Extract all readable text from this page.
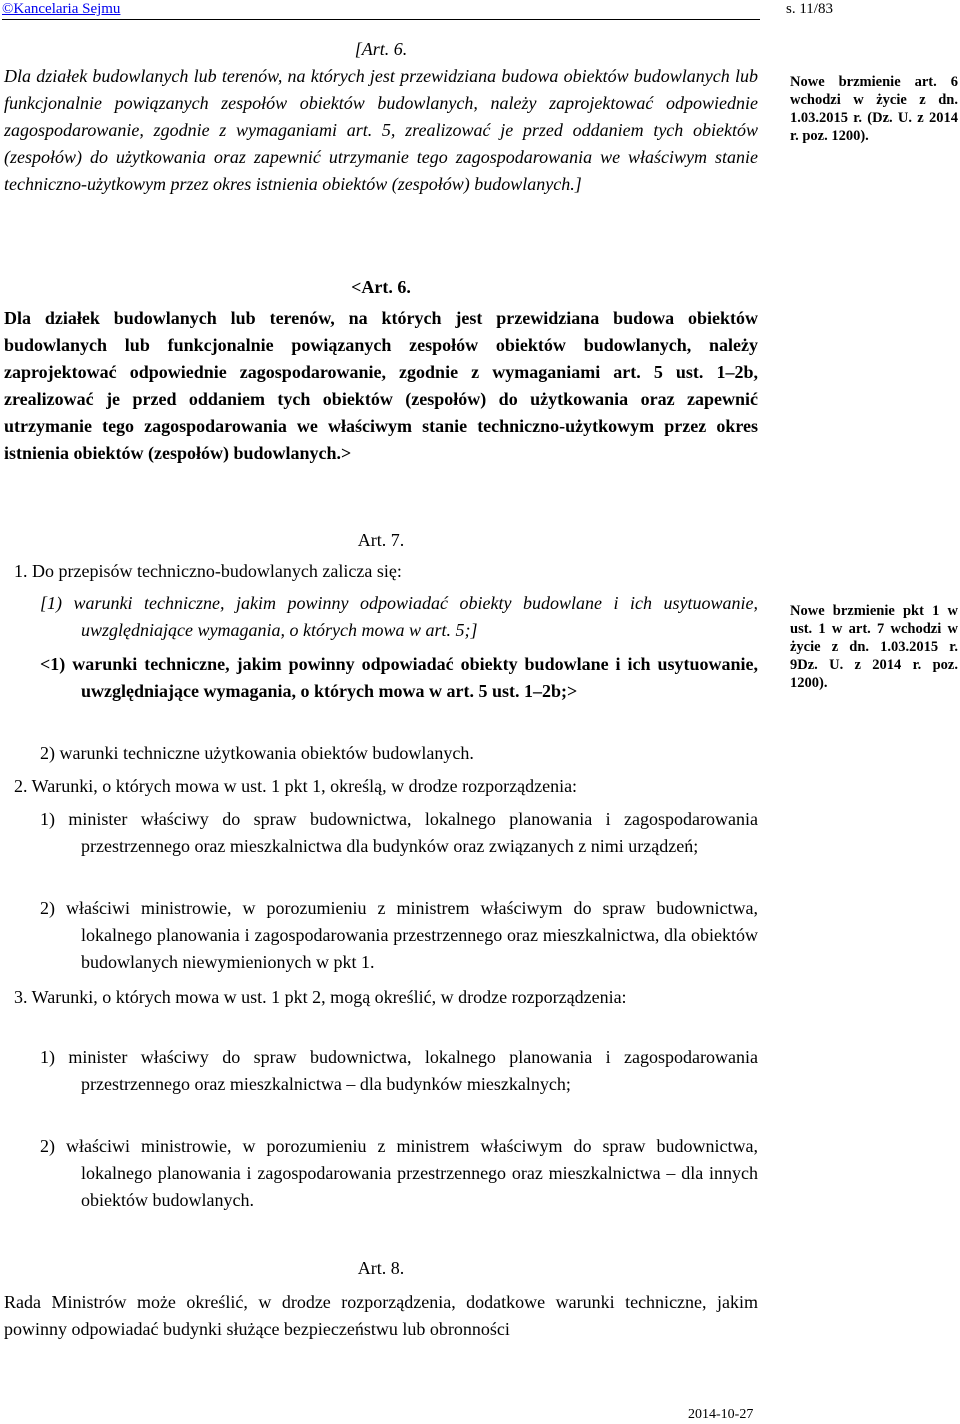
©Kancelaria Sejmu	s. 11/83
[Art. 6.
Dla działek budowlanych lub terenów, na których jest przewidziana budowa obiektów budowlanych lub funkcjonalnie powiązanych zespołów obiektów budowlanych, należy zaprojektować odpowiednie zagospodarowanie, zgodnie z wymaganiami art. 5, zrealizować je przed oddaniem tych obiektów (zespołów) do użytkowania oraz zapewnić utrzymanie tego zagospodarowania we właściwym stanie techniczno-użytkowym przez okres istnienia obiektów (zespołów) budowlanych.]
Nowe brzmienie art. 6 wchodzi w życie z dn. 1.03.2015 r. (Dz. U. z 2014 r. poz. 1200).
<Art. 6.
Dla działek budowlanych lub terenów, na których jest przewidziana budowa obiektów budowlanych lub funkcjonalnie powiązanych zespołów obiektów budowlanych, należy zaprojektować odpowiednie zagospodarowanie, zgodnie z wymaganiami art. 5 ust. 1–2b, zrealizować je przed oddaniem tych obiektów (zespołów) do użytkowania oraz zapewnić utrzymanie tego zagospodarowania we właściwym stanie techniczno-użytkowym przez okres istnienia obiektów (zespołów) budowlanych.>
Art. 7.
1. Do przepisów techniczno-budowlanych zalicza się:
[1) warunki techniczne, jakim powinny odpowiadać obiekty budowlane i ich usytuowanie, uwzględniające wymagania, o których mowa w art. 5;]
<1) warunki techniczne, jakim powinny odpowiadać obiekty budowlane i ich usytuowanie, uwzględniające wymagania, o których mowa w art. 5 ust. 1–2b;>
2) warunki techniczne użytkowania obiektów budowlanych.
Nowe brzmienie pkt 1 w ust. 1 w art. 7 wchodzi w życie z dn. 1.03.2015 r. 9Dz. U. z 2014 r. poz. 1200).
2. Warunki, o których mowa w ust. 1 pkt 1, określą, w drodze rozporządzenia:
1) minister właściwy do spraw budownictwa, lokalnego planowania i zagospodarowania przestrzennego oraz mieszkalnictwa dla budynków oraz związanych z nimi urządzeń;
2) właściwi ministrowie, w porozumieniu z ministrem właściwym do spraw budownictwa, lokalnego planowania i zagospodarowania przestrzennego oraz mieszkalnictwa, dla obiektów budowlanych niewymienionych w pkt 1.
3. Warunki, o których mowa w ust. 1 pkt 2, mogą określić, w drodze rozporządzenia:
1) minister właściwy do spraw budownictwa, lokalnego planowania i zagospodarowania przestrzennego oraz mieszkalnictwa – dla budynków mieszkalnych;
2) właściwi ministrowie, w porozumieniu z ministrem właściwym do spraw budownictwa, lokalnego planowania i zagospodarowania przestrzennego oraz mieszkalnictwa – dla innych obiektów budowlanych.
Art. 8.
Rada Ministrów może określić, w drodze rozporządzenia, dodatkowe warunki techniczne, jakim powinny odpowiadać budynki służące bezpieczeństwu lub obronności
2014-10-27
